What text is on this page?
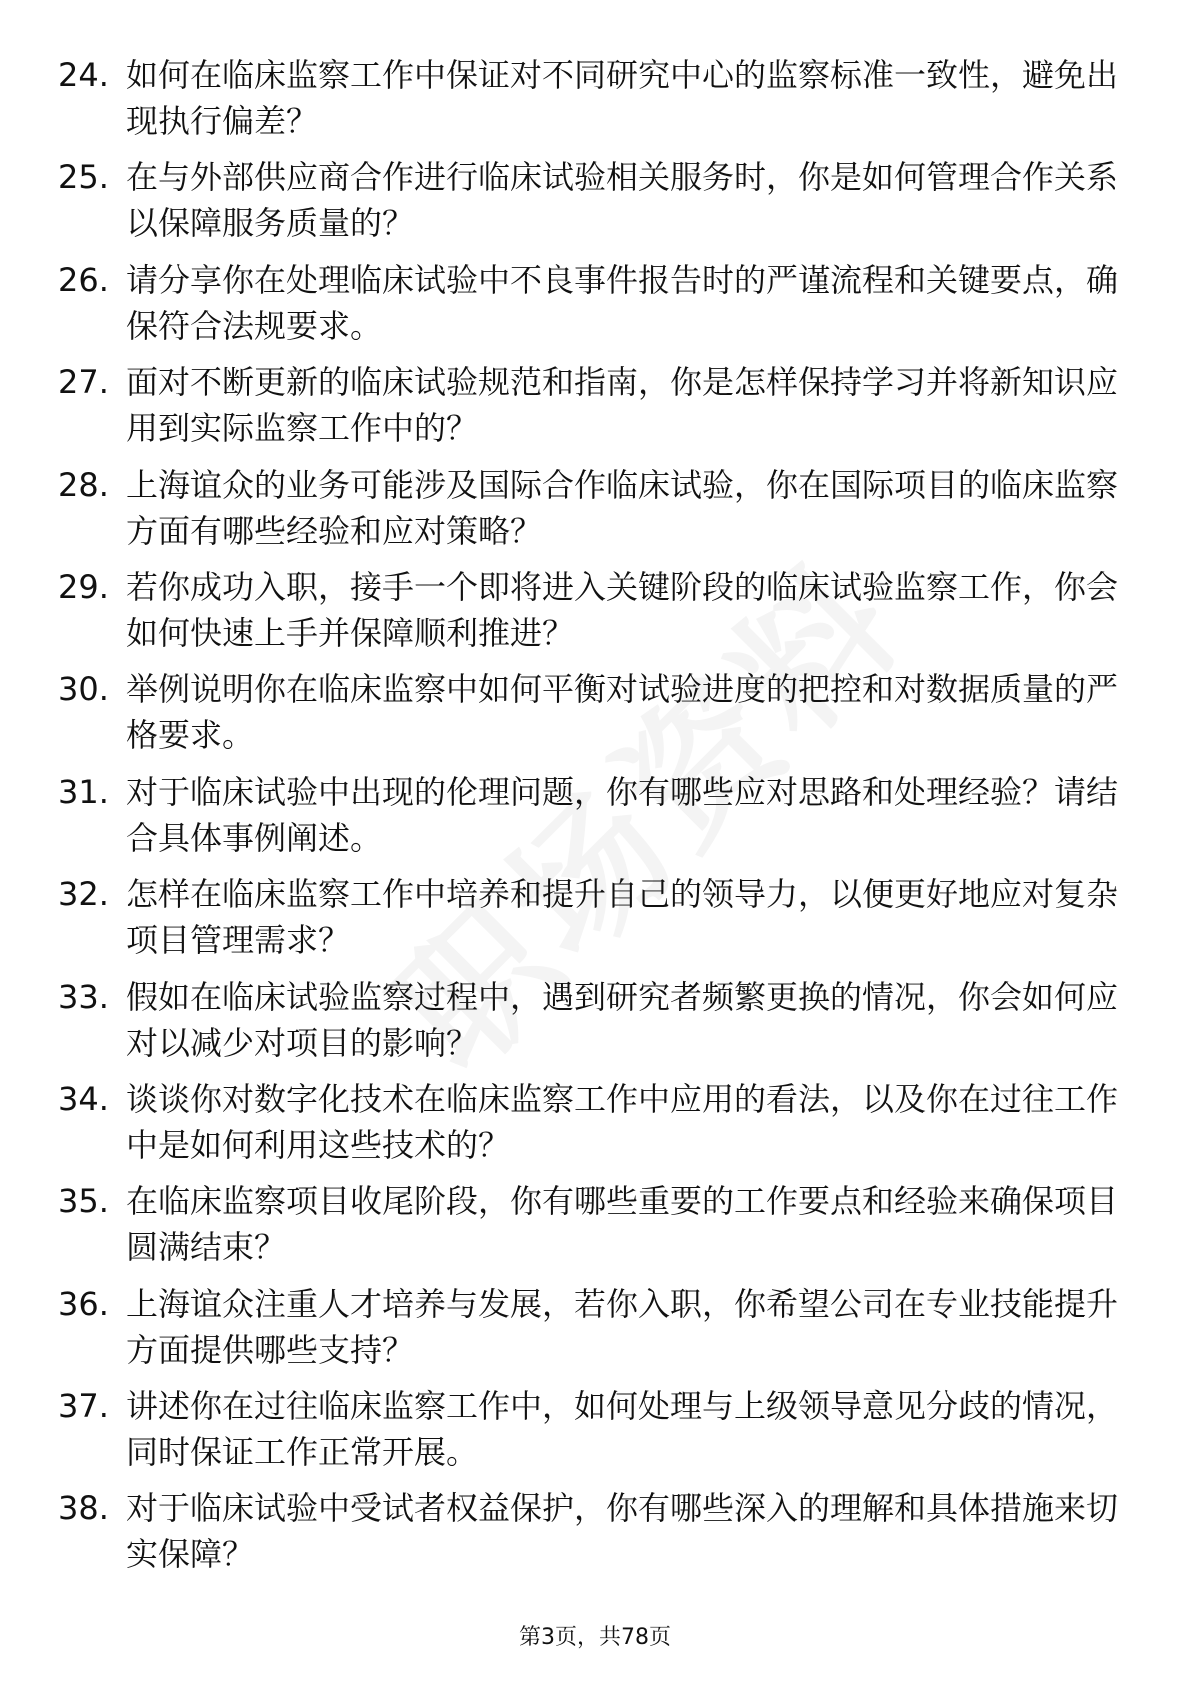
24. 如何在临床监察工作中保证对不同研究中心的监察标准一致性，避免出现执行偏差？
25. 在与外部供应商合作进行临床试验相关服务时，你是如何管理合作关系以保障服务质量的？
26. 请分享你在处理临床试验中不良事件报告时的严谨流程和关键要点，确保符合法规要求。
27. 面对不断更新的临床试验规范和指南，你是怎样保持学习并将新知识应用到实际监察工作中的？
28. 上海谊众的业务可能涉及国际合作临床试验，你在国际项目的临床监察方面有哪些经验和应对策略？
29. 若你成功入职，接手一个即将进入关键阶段的临床试验监察工作，你会如何快速上手并保障顺利推进？
30. 举例说明你在临床监察中如何平衡对试验进度的把控和对数据质量的严格要求。
31. 对于临床试验中出现的伦理问题，你有哪些应对思路和处理经验？请结合具体事例阐述。
32. 怎样在临床监察工作中培养和提升自己的领导力，以便更好地应对复杂项目管理需求？
33. 假如在临床试验监察过程中，遇到研究者频繁更换的情况，你会如何应对以减少对项目的影响？
34. 谈谈你对数字化技术在临床监察工作中应用的看法，以及你在过往工作中是如何利用这些技术的？
35. 在临床监察项目收尾阶段，你有哪些重要的工作要点和经验来确保项目圆满结束？
36. 上海谊众注重人才培养与发展，若你入职，你希望公司在专业技能提升方面提供哪些支持？
37. 讲述你在过往临床监察工作中，如何处理与上级领导意见分歧的情况，同时保证工作正常开展。
38. 对于临床试验中受试者权益保护，你有哪些深入的理解和具体措施来切实保障？
第3页，共78页
